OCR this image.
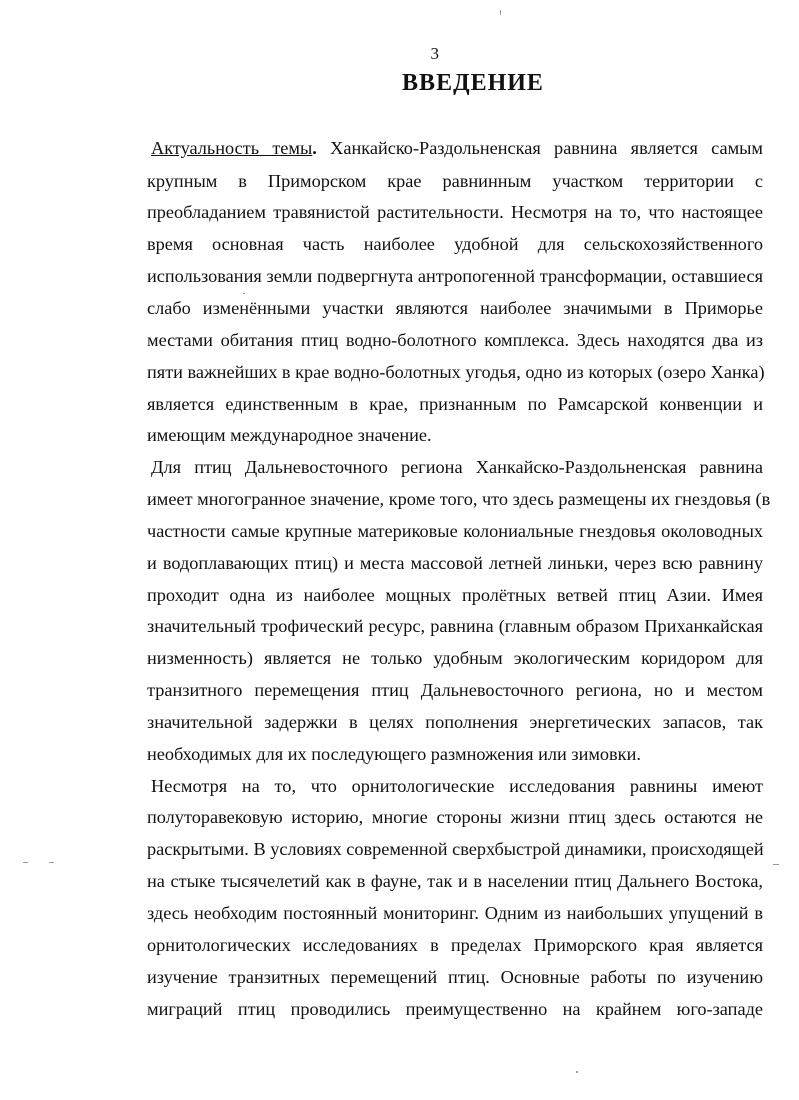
3
ВВЕДЕНИЕ
Актуальность темы. Ханкайско-Раздольненская равнина является самым
крупным в Приморском крае равнинным участком территории с
преобладанием травянистой растительности. Несмотря на то, что настоящее
время основная часть наиболее удобной для сельскохозяйственного
использования земли подвергнута антропогенной трансформации, оставшиеся
слабо изменёнными участки являются наиболее значимыми в Приморье
местами обитания птиц водно-болотного комплекса. Здесь находятся два из
пяти важнейших в крае водно-болотных угодья, одно из которых (озеро Ханка)
является единственным в крае, признанным по Рамсарской конвенции и
имеющим международное значение.
Для птиц Дальневосточного региона Ханкайско-Раздольненская равнина
имеет многогранное значение, кроме того, что здесь размещены их гнездовья (в
частности самые крупные материковые колониальные гнездовья околоводных
и водоплавающих птиц) и места массовой летней линьки, через всю равнину
проходит одна из наиболее мощных пролётных ветвей птиц Азии. Имея
значительный трофический ресурс, равнина (главным образом Приханкайская
низменность) является не только удобным экологическим коридором для
транзитного перемещения птиц Дальневосточного региона, но и местом
значительной задержки в целях пополнения энергетических запасов, так
необходимых для их последующего размножения или зимовки.
Несмотря на то, что орнитологические исследования равнины имеют
полуторавековую историю, многие стороны жизни птиц здесь остаются не
раскрытыми. В условиях современной сверхбыстрой динамики, происходящей
на стыке тысячелетий как в фауне, так и в населении птиц Дальнего Востока,
здесь необходим постоянный мониторинг. Одним из наибольших упущений в
орнитологических исследованиях в пределах Приморского края является
изучение транзитных перемещений птиц. Основные работы по изучению
миграций птиц проводились преимущественно на крайнем юго-западе
